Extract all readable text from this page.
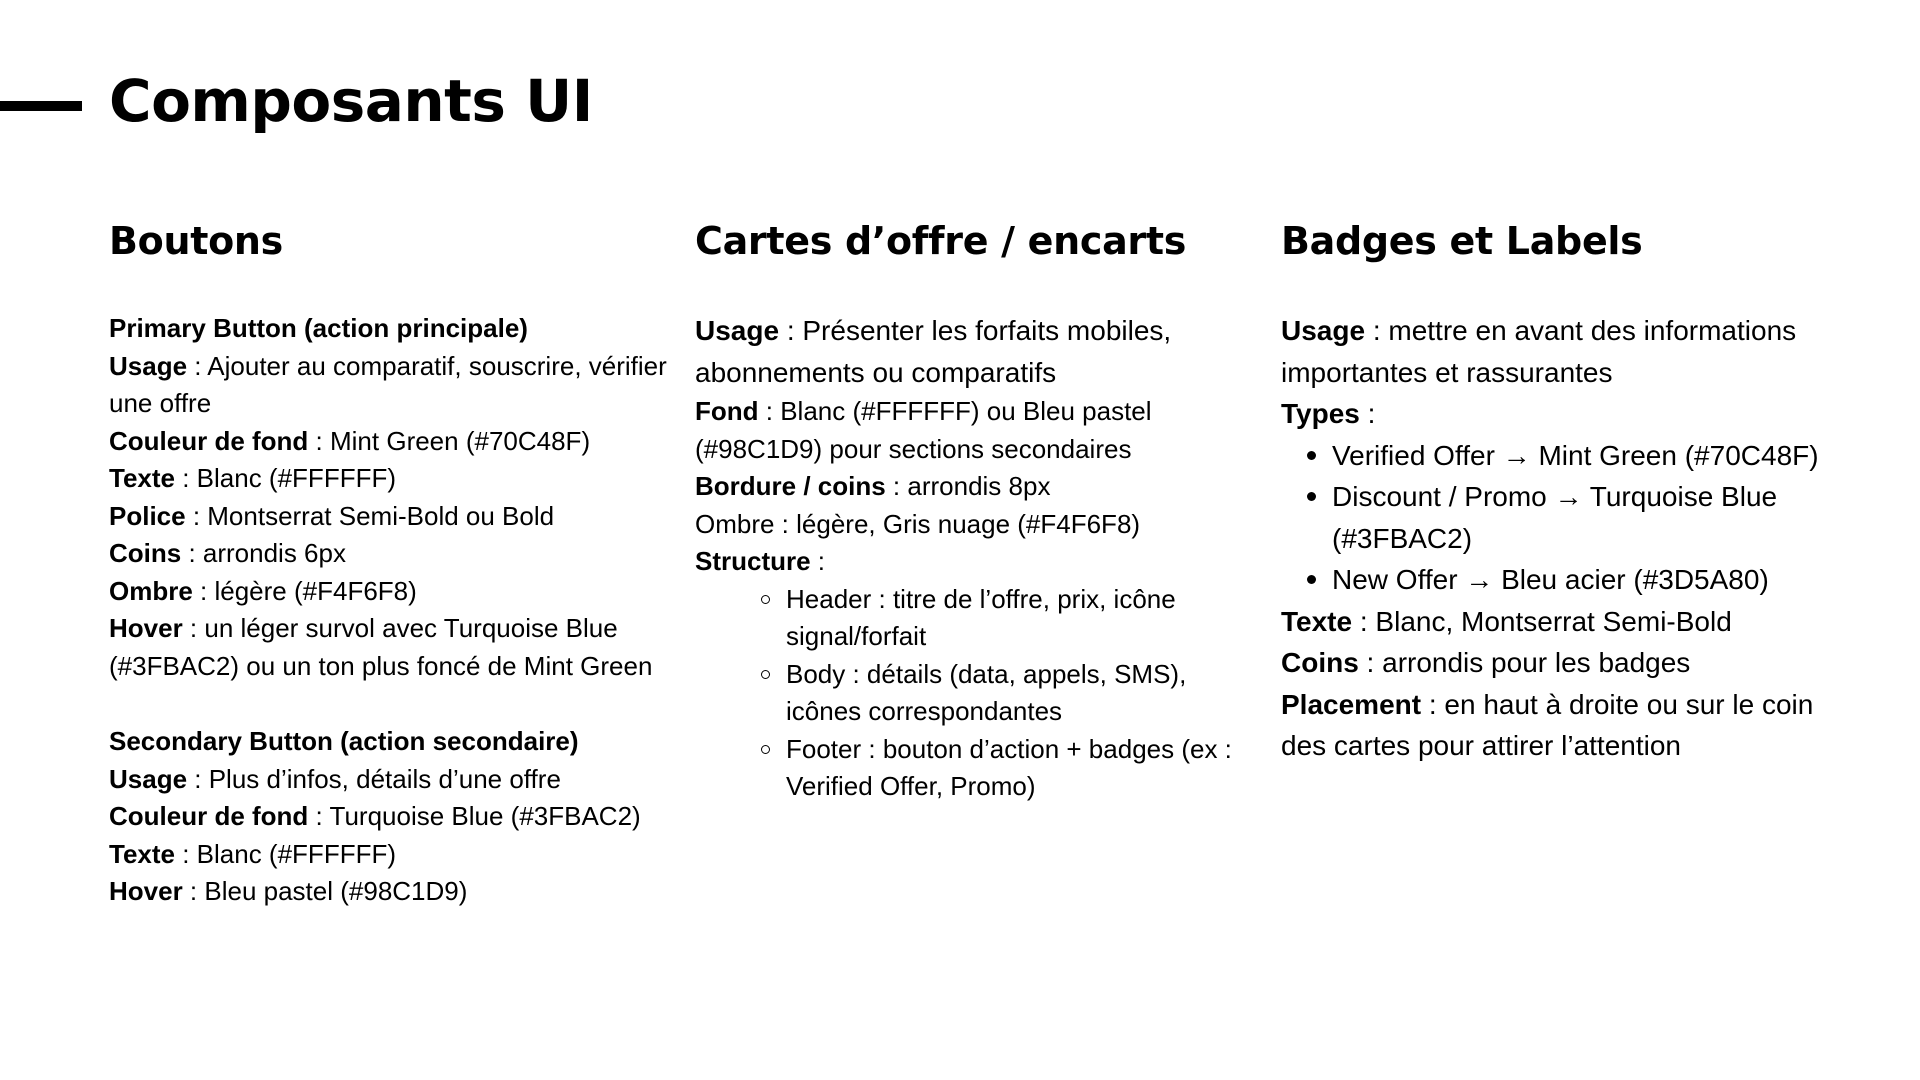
Composants UI
Boutons

Primary Button (action principale)

Usage : Ajouter au comparatif, souscrire, vérifier une offre

Couleur de fond : Mint Green (#70C48F)

Texte : Blanc (#FFFFFF)

Police : Montserrat Semi-Bold ou Bold

Coins : arrondis 6px

Ombre : légère (#F4F6F8)

Hover : un léger survol avec Turquoise Blue (#3FBAC2) ou un ton plus foncé de Mint Green

Secondary Button (action secondaire)

Usage : Plus d’infos, détails d’une offre

Couleur de fond : Turquoise Blue (#3FBAC2)

Texte : Blanc (#FFFFFF)

Hover : Bleu pastel (#98C1D9)

Cartes d’offre / encarts

Usage : Présenter les forfaits mobiles, abonnements ou comparatifs

Fond : Blanc (#FFFFFF) ou Bleu pastel (#98C1D9) pour sections secondaires

Bordure / coins : arrondis 8px

Ombre : légère, Gris nuage (#F4F6F8)

Structure :

Header : titre de l’offre, prix, icône signal/forfait
Body : détails (data, appels, SMS), icônes correspondantes
Footer : bouton d’action + badges (ex : Verified Offer, Promo)
Badges et Labels

Usage : mettre en avant des informations importantes et rassurantes

Types :

Verified Offer → Mint Green (#70C48F)
Discount / Promo → Turquoise Blue (#3FBAC2)
New Offer → Bleu acier (#3D5A80)

Texte : Blanc, Montserrat Semi-Bold

Coins : arrondis pour les badges

Placement : en haut à droite ou sur le coin des cartes pour attirer l’attention
